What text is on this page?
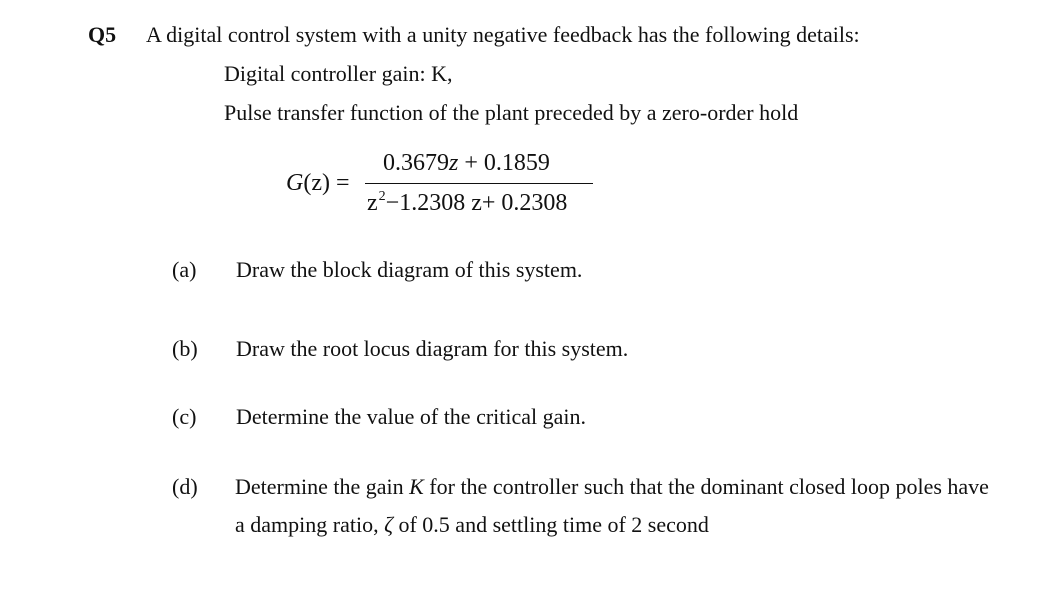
Q5 A digital control system with a unity negative feedback has the following details:
Digital controller gain: K,
Pulse transfer function of the plant preceded by a zero-order hold
G(z) =
0.3679z + 0.1859
$z^2-1.2308$ z+ 0.2308
(a) Draw the block diagram of this system.
(b) Draw the root locus diagram for this system.
(c) Determine the value of the critical gain.
(d) Determine the gain K for the controller such that the dominant closed loop poles have
a damping ratio, ζ of 0.5 and settling time of 2 second
